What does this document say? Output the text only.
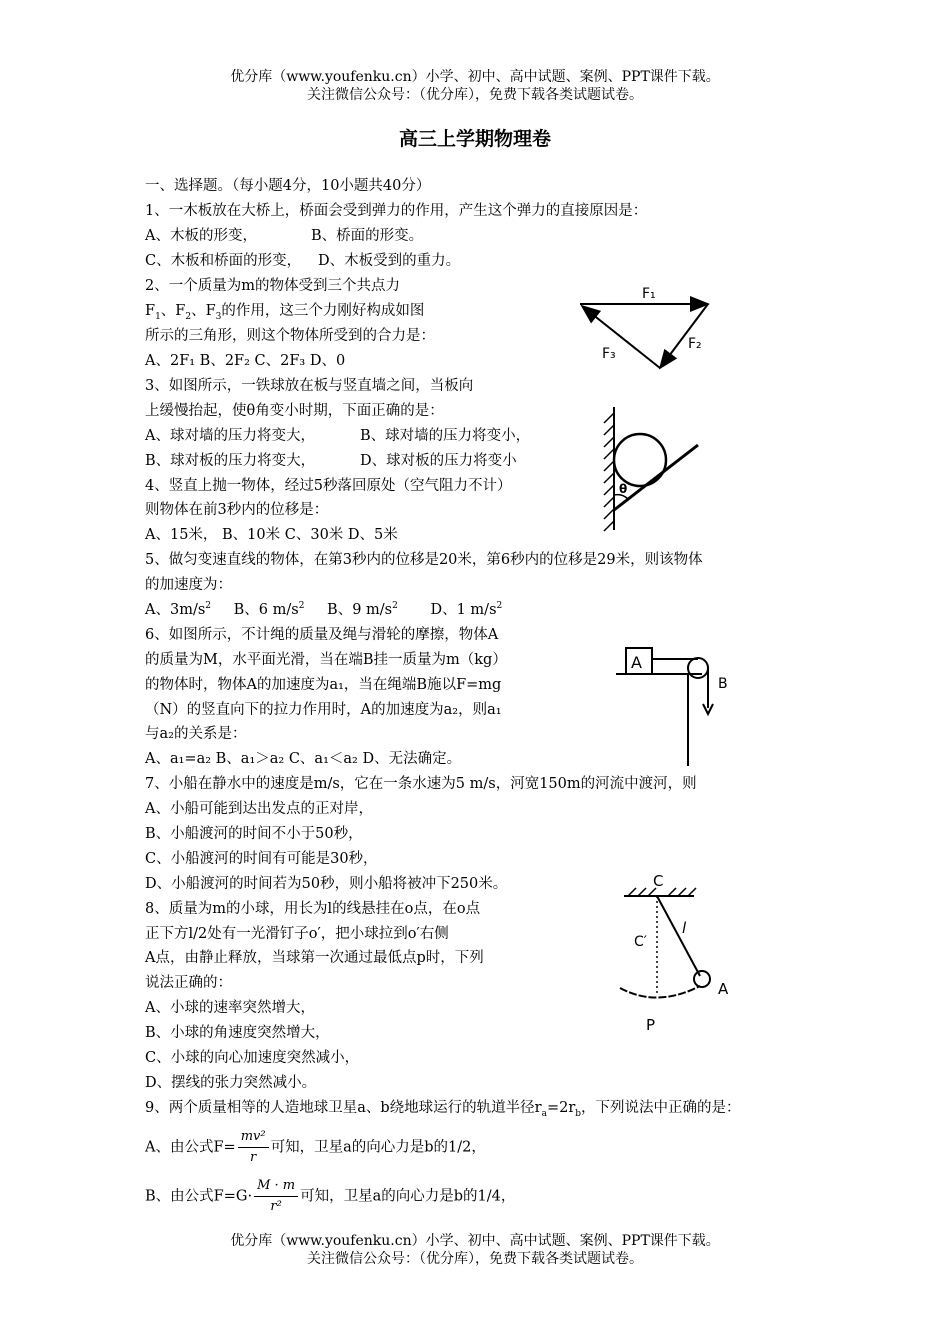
优分库（www.youfenku.cn）小学、初中、高中试题、案例、PPT课件下载。
关注微信公众号：（优分库），免费下载各类试题试卷。
高三上学期物理卷
一、选择题。（每小题4分，10小题共40分）
1、一木板放在大桥上，桥面会受到弹力的作用，产生这个弹力的直接原因是：
A、木板的形变，	B、桥面的形变。
C、木板和桥面的形变， D、木板受到的重力。
2、一个质量为m的物体受到三个共点力
$F_1$、$F_2$、$F_3$的作用，这三个力刚好构成如图
所示的三角形，则这个物体所受到的合力是：
A、2F₁ B、2F₂ C、2F₃ D、0
F₁
F₂
F₃
3、如图所示，一铁球放在板与竖直墙之间，当板向
上缓慢抬起，使θ角变小时期，下面正确的是：
A、球对墙的压力将变大，	B、球对墙的压力将变小，
B、球对板的压力将变大，	D、球对板的压力将变小
θ
4、竖直上抛一物体，经过5秒落回原处（空气阻力不计）
则物体在前3秒内的位移是：
A、15米， B、10米 C、30米 D、5米
5、做匀变速直线的物体，在第3秒内的位移是20米，第6秒内的位移是29米，则该物体
的加速度为：
A、$3m/s^2$ B、6 $m/s^2$ B、9 $m/s^2$ D、1 $m/s^2$
6、如图所示，不计绳的质量及绳与滑轮的摩擦，物体A
的质量为M，水平面光滑，当在端B挂一质量为m（kg）
的物体时，物体A的加速度为a₁，当在绳端B施以F=mg
（N）的竖直向下的拉力作用时，A的加速度为a₂，则a₁
与a₂的关系是：
A、a₁=a₂ B、a₁＞a₂ C、a₁＜a₂ D、无法确定。
A
B
7、小船在静水中的速度是m/s，它在一条水速为5 m/s，河宽150m的河流中渡河，则
A、小船可能到达出发点的正对岸，
B、小船渡河的时间不小于50秒，
C、小船渡河的时间有可能是30秒，
D、小船渡河的时间若为50秒，则小船将被冲下250米。
8、质量为m的小球，用长为l的线悬挂在o点，在o点
正下方l/2处有一光滑钉子o′，把小球拉到o′右侧
A点，由静止释放，当球第一次通过最低点p时，下列
说法正确的：
A、小球的速率突然增大，
B、小球的角速度突然增大，
C、小球的向心加速度突然减小，
D、摆线的张力突然减小。
C
C′
l
A
P
9、两个质量相等的人造地球卫星a、b绕地球运行的轨道半径$r_a=2r_b$，下列说法中正确的是：
A、由公式$F= \frac{\text{mv²}}{r}$ 可知，卫星a的向心力是b的1/2，
B、由公式$F=G\cdot \frac{M \cdot m}{\text{r²}}$ 可知，卫星a的向心力是b的1/4，
优分库（www.youfenku.cn）小学、初中、高中试题、案例、PPT课件下载。
关注微信公众号：（优分库），免费下载各类试题试卷。
